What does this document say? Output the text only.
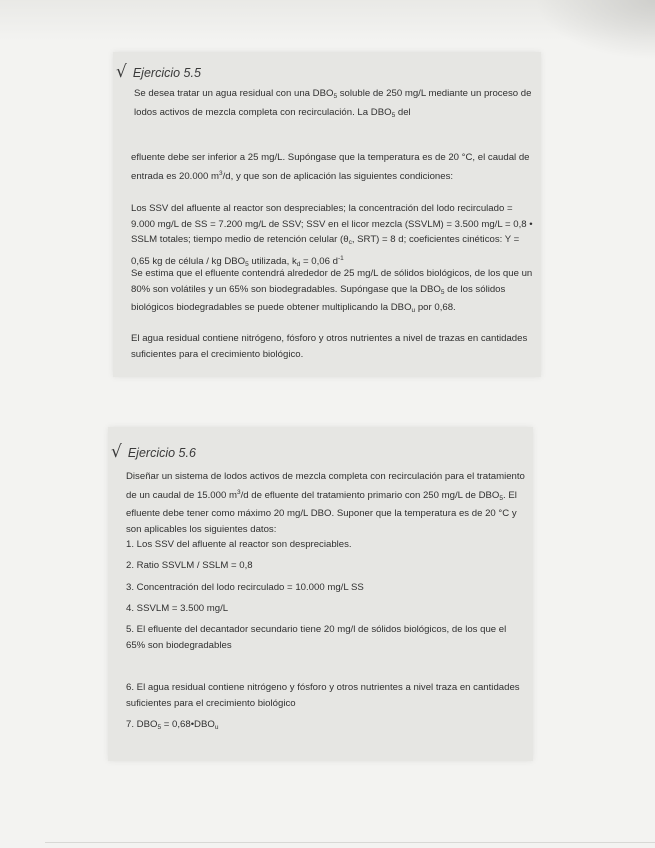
√ Ejercicio 5.5

Se desea tratar un agua residual con una $DBO_5$ soluble de 250 mg/L mediante un proceso de lodos activos de mezcla completa con recirculación. La $DBO_5$ del

efluente debe ser inferior a 25 mg/L. Supóngase que la temperatura es de 20 °C, el caudal de entrada es 20.000 $m^3/d$, y que son de aplicación las siguientes condiciones:

Los SSV del afluente al reactor son despreciables; la concentración del lodo recirculado = 9.000 mg/L de SS = 7.200 mg/L de SSV; SSV en el licor mezcla (SSVLM) = 3.500 mg/L = 0,8 • SSLM totales; tiempo medio de retención celular ($\theta_c$, SRT) = 8 d; coeficientes cinéticos: Y = 0,65 kg de célula / kg $DBO_5$ utilizada, $k_d = 0,06$ $d^{-1}$

Se estima que el efluente contendrá alrededor de 25 mg/L de sólidos biológicos, de los que un 80% son volátiles y un 65% son biodegradables. Supóngase que la $DBO_5$ de los sólidos biológicos biodegradables se puede obtener multiplicando la $DBO_u$ por 0,68.

El agua residual contiene nitrógeno, fósforo y otros nutrientes a nivel de trazas en cantidades suficientes para el crecimiento biológico.

√ Ejercicio 5.6

Diseñar un sistema de lodos activos de mezcla completa con recirculación para el tratamiento de un caudal de 15.000 $m^3/d$ de efluente del tratamiento primario con 250 mg/L de $DBO_5$. El efluente debe tener como máximo 20 mg/L DBO. Suponer que la temperatura es de 20 °C y son aplicables los siguientes datos:

1. Los SSV del afluente al reactor son despreciables.

2. Ratio SSVLM / SSLM = 0,8

3. Concentración del lodo recirculado = 10.000 mg/L SS

4. SSVLM = 3.500 mg/L

5. El efluente del decantador secundario tiene 20 mg/l de sólidos biológicos, de los que el 65% son biodegradables

6. El agua residual contiene nitrógeno y fósforo y otros nutrientes a nivel traza en cantidades suficientes para el crecimiento biológico

7. $DBO_5$ = $0,68•DBO_u$
